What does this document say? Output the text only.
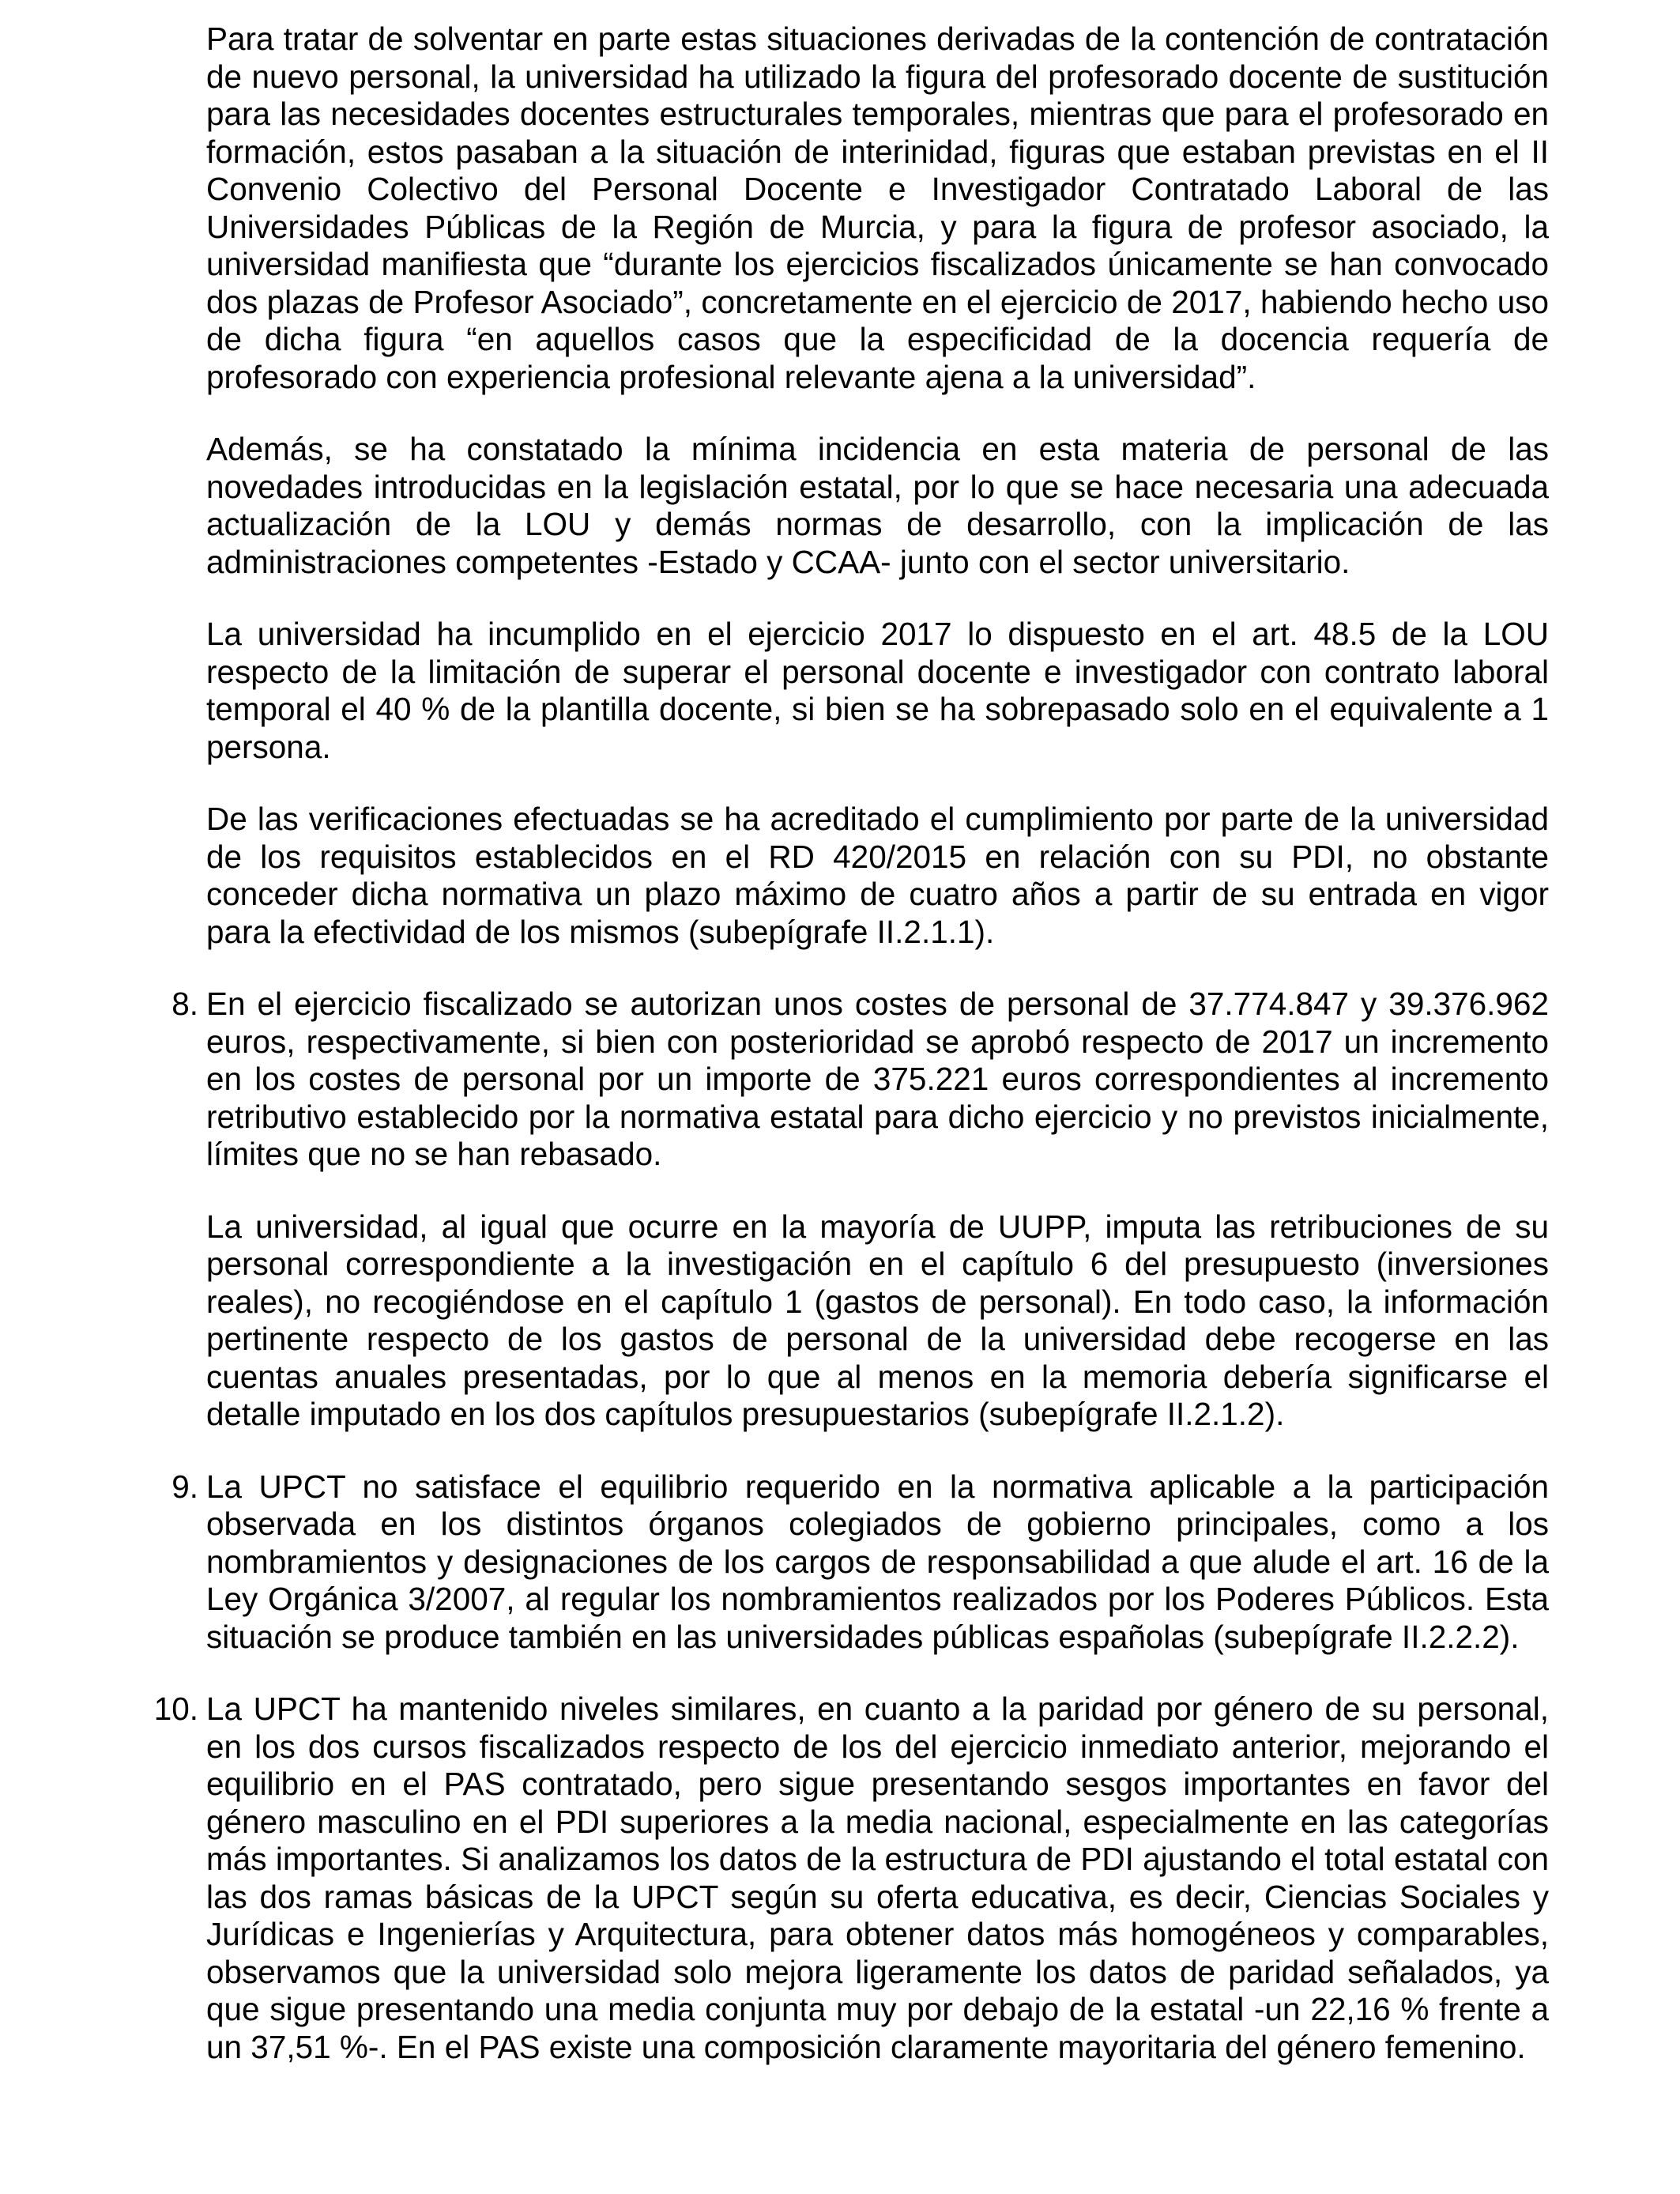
Para tratar de solventar en parte estas situaciones derivadas de la contención de contratación de nuevo personal, la universidad ha utilizado la figura del profesorado docente de sustitución para las necesidades docentes estructurales temporales, mientras que para el profesorado en formación, estos pasaban a la situación de interinidad, figuras que estaban previstas en el II Convenio Colectivo del Personal Docente e Investigador Contratado Laboral de las Universidades Públicas de la Región de Murcia, y para la figura de profesor asociado, la universidad manifiesta que “durante los ejercicios fiscalizados únicamente se han convocado dos plazas de Profesor Asociado”, concretamente en el ejercicio de 2017, habiendo hecho uso de dicha figura “en aquellos casos que la especificidad de la docencia requería de profesorado con experiencia profesional relevante ajena a la universidad”.

Además, se ha constatado la mínima incidencia en esta materia de personal de las novedades introducidas en la legislación estatal, por lo que se hace necesaria una adecuada actualización de la LOU y demás normas de desarrollo, con la implicación de las administraciones competentes -Estado y CCAA- junto con el sector universitario.

La universidad ha incumplido en el ejercicio 2017 lo dispuesto en el art. 48.5 de la LOU respecto de la limitación de superar el personal docente e investigador con contrato laboral temporal el 40 % de la plantilla docente, si bien se ha sobrepasado solo en el equivalente a 1 persona.

De las verificaciones efectuadas se ha acreditado el cumplimiento por parte de la universidad de los requisitos establecidos en el RD 420/2015 en relación con su PDI, no obstante conceder dicha normativa un plazo máximo de cuatro años a partir de su entrada en vigor para la efectividad de los mismos (subepígrafe II.2.1.1).

8. En el ejercicio fiscalizado se autorizan unos costes de personal de 37.774.847 y 39.376.962 euros, respectivamente, si bien con posterioridad se aprobó respecto de 2017 un incremento en los costes de personal por un importe de 375.221 euros correspondientes al incremento retributivo establecido por la normativa estatal para dicho ejercicio y no previstos inicialmente, límites que no se han rebasado.

La universidad, al igual que ocurre en la mayoría de UUPP, imputa las retribuciones de su personal correspondiente a la investigación en el capítulo 6 del presupuesto (inversiones reales), no recogiéndose en el capítulo 1 (gastos de personal). En todo caso, la información pertinente respecto de los gastos de personal de la universidad debe recogerse en las cuentas anuales presentadas, por lo que al menos en la memoria debería significarse el detalle imputado en los dos capítulos presupuestarios (subepígrafe II.2.1.2).

9. La UPCT no satisface el equilibrio requerido en la normativa aplicable a la participación observada en los distintos órganos colegiados de gobierno principales, como a los nombramientos y designaciones de los cargos de responsabilidad a que alude el art. 16 de la Ley Orgánica 3/2007, al regular los nombramientos realizados por los Poderes Públicos. Esta situación se produce también en las universidades públicas españolas (subepígrafe II.2.2.2).

10. La UPCT ha mantenido niveles similares, en cuanto a la paridad por género de su personal, en los dos cursos fiscalizados respecto de los del ejercicio inmediato anterior, mejorando el equilibrio en el PAS contratado, pero sigue presentando sesgos importantes en favor del género masculino en el PDI superiores a la media nacional, especialmente en las categorías más importantes. Si analizamos los datos de la estructura de PDI ajustando el total estatal con las dos ramas básicas de la UPCT según su oferta educativa, es decir, Ciencias Sociales y Jurídicas e Ingenierías y Arquitectura, para obtener datos más homogéneos y comparables, observamos que la universidad solo mejora ligeramente los datos de paridad señalados, ya que sigue presentando una media conjunta muy por debajo de la estatal -un 22,16 % frente a un 37,51 %-. En el PAS existe una composición claramente mayoritaria del género femenino.
